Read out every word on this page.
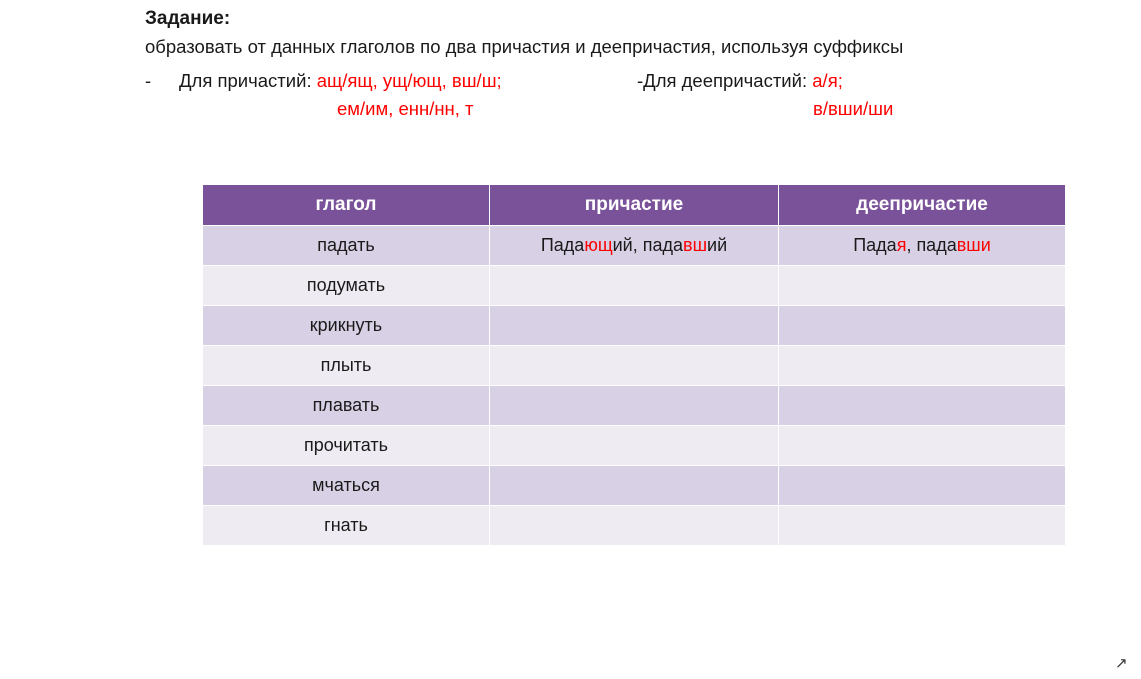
Задание:
образовать от данных глаголов по два причастия и деепричастия, используя суффиксы
- Для причастий: ащ/ящ, ущ/ющ, вш/ш;
ем/им, енн/нн, т
-Для деепричастий: а/я;
в/вши/ши
глагол	причастие	деепричастие
падать	Падающий, падавший	Падая, падавши
подумать		
крикнуть		
плыть		
плавать		
прочитать		
мчаться		
гнать		
↗
